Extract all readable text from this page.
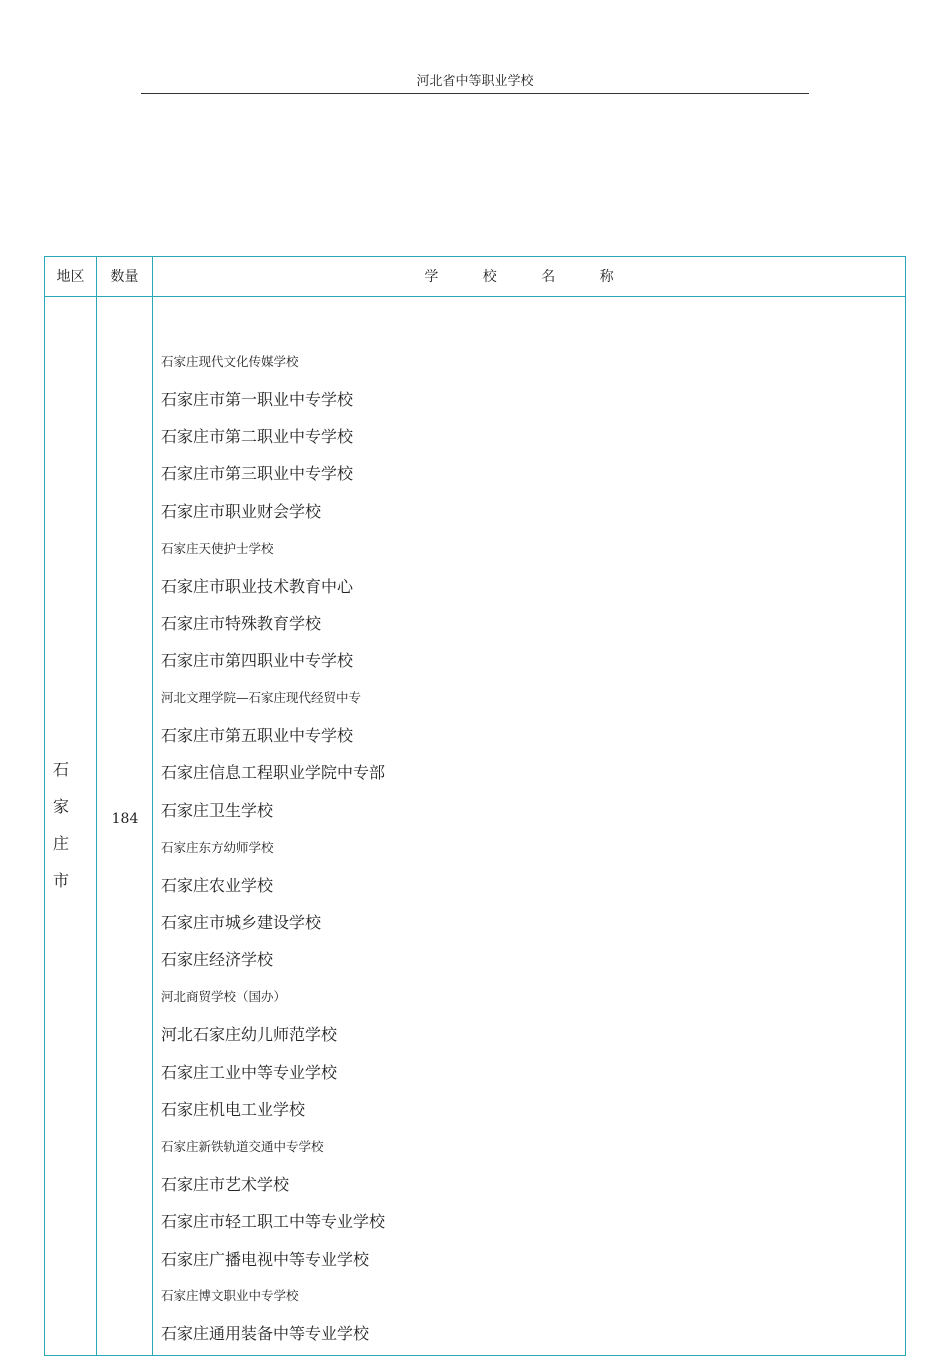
河北省中等职业学校
地区	数量	学 校 名 称
石
家
庄
市
184
石家庄现代文化传媒学校
石家庄市第一职业中专学校
石家庄市第二职业中专学校
石家庄市第三职业中专学校
石家庄市职业财会学校
石家庄天使护士学校
石家庄市职业技术教育中心
石家庄市特殊教育学校
石家庄市第四职业中专学校
河北文理学院—石家庄现代经贸中专
石家庄市第五职业中专学校
石家庄信息工程职业学院中专部
石家庄卫生学校
石家庄东方幼师学校
石家庄农业学校
石家庄市城乡建设学校
石家庄经济学校
河北商贸学校（国办）
河北石家庄幼儿师范学校
石家庄工业中等专业学校
石家庄机电工业学校
石家庄新铁轨道交通中专学校
石家庄市艺术学校
石家庄市轻工职工中等专业学校
石家庄广播电视中等专业学校
石家庄博文职业中专学校
石家庄通用装备中等专业学校
